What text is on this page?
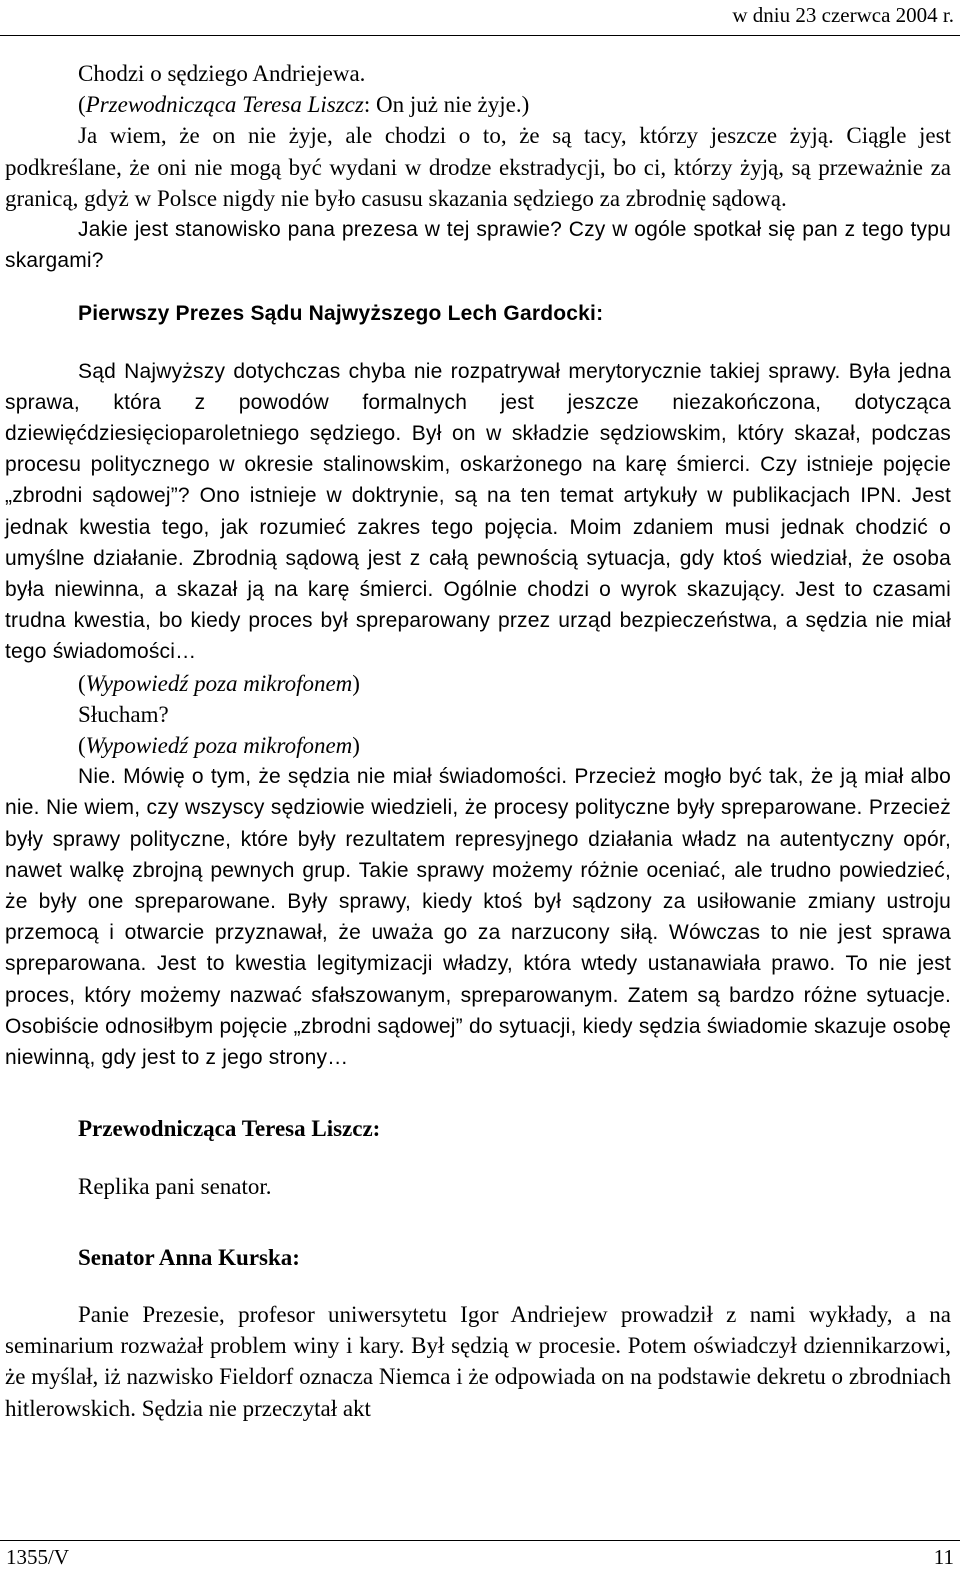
w dniu 23 czerwca 2004 r.

Chodzi o sędziego Andriejewa.

(Przewodnicząca Teresa Liszcz: On już nie żyje.)

Ja wiem, że on nie żyje, ale chodzi o to, że są tacy, którzy jeszcze żyją. Ciągle jest podkreślane, że oni nie mogą być wydani w drodze ekstradycji, bo ci, którzy żyją, są przeważnie za granicą, gdyż w Polsce nigdy nie było casusu skazania sędziego za zbrodnię sądową.

Jakie jest stanowisko pana prezesa w tej sprawie? Czy w ogóle spotkał się pan z tego typu skargami?

Pierwszy Prezes Sądu Najwyższego Lech Gardocki:

Sąd Najwyższy dotychczas chyba nie rozpatrywał merytorycznie takiej sprawy. Była jedna sprawa, która z powodów formalnych jest jeszcze niezakończona, dotycząca dziewięćdziesięcioparoletniego sędziego. Był on w składzie sędziowskim, który skazał, podczas procesu politycznego w okresie stalinowskim, oskarżonego na karę śmierci. Czy istnieje pojęcie „zbrodni sądowej”? Ono istnieje w doktrynie, są na ten temat artykuły w publikacjach IPN. Jest jednak kwestia tego, jak rozumieć zakres tego pojęcia. Moim zdaniem musi jednak chodzić o umyślne działanie. Zbrodnią sądową jest z całą pewnością sytuacja, gdy ktoś wiedział, że osoba była niewinna, a skazał ją na karę śmierci. Ogólnie chodzi o wyrok skazujący. Jest to czasami trudna kwestia, bo kiedy proces był spreparowany przez urząd bezpieczeństwa, a sędzia nie miał tego świadomości…

(Wypowiedź poza mikrofonem)

Słucham?

(Wypowiedź poza mikrofonem)

Nie. Mówię o tym, że sędzia nie miał świadomości. Przecież mogło być tak, że ją miał albo nie. Nie wiem, czy wszyscy sędziowie wiedzieli, że procesy polityczne były spreparowane. Przecież były sprawy polityczne, które były rezultatem represyjnego działania władz na autentyczny opór, nawet walkę zbrojną pewnych grup. Takie sprawy możemy różnie oceniać, ale trudno powiedzieć, że były one spreparowane. Były sprawy, kiedy ktoś był sądzony za usiłowanie zmiany ustroju przemocą i otwarcie przyznawał, że uważa go za narzucony siłą. Wówczas to nie jest sprawa spreparowana. Jest to kwestia legitymizacji władzy, która wtedy ustanawiała prawo. To nie jest proces, który możemy nazwać sfałszowanym, spreparowanym. Zatem są bardzo różne sytuacje. Osobiście odnosiłbym pojęcie „zbrodni sądowej” do sytuacji, kiedy sędzia świadomie skazuje osobę niewinną, gdy jest to z jego strony…

Przewodnicząca Teresa Liszcz:

Replika pani senator.

Senator Anna Kurska:

Panie Prezesie, profesor uniwersytetu Igor Andriejew prowadził z nami wykłady, a na seminarium rozważał problem winy i kary. Był sędzią w procesie. Potem oświadczył dziennikarzowi, że myślał, iż nazwisko Fieldorf oznacza Niemca i że odpowiada on na podstawie dekretu o zbrodniach hitlerowskich. Sędzia nie przeczytał akt

1355/V	11
